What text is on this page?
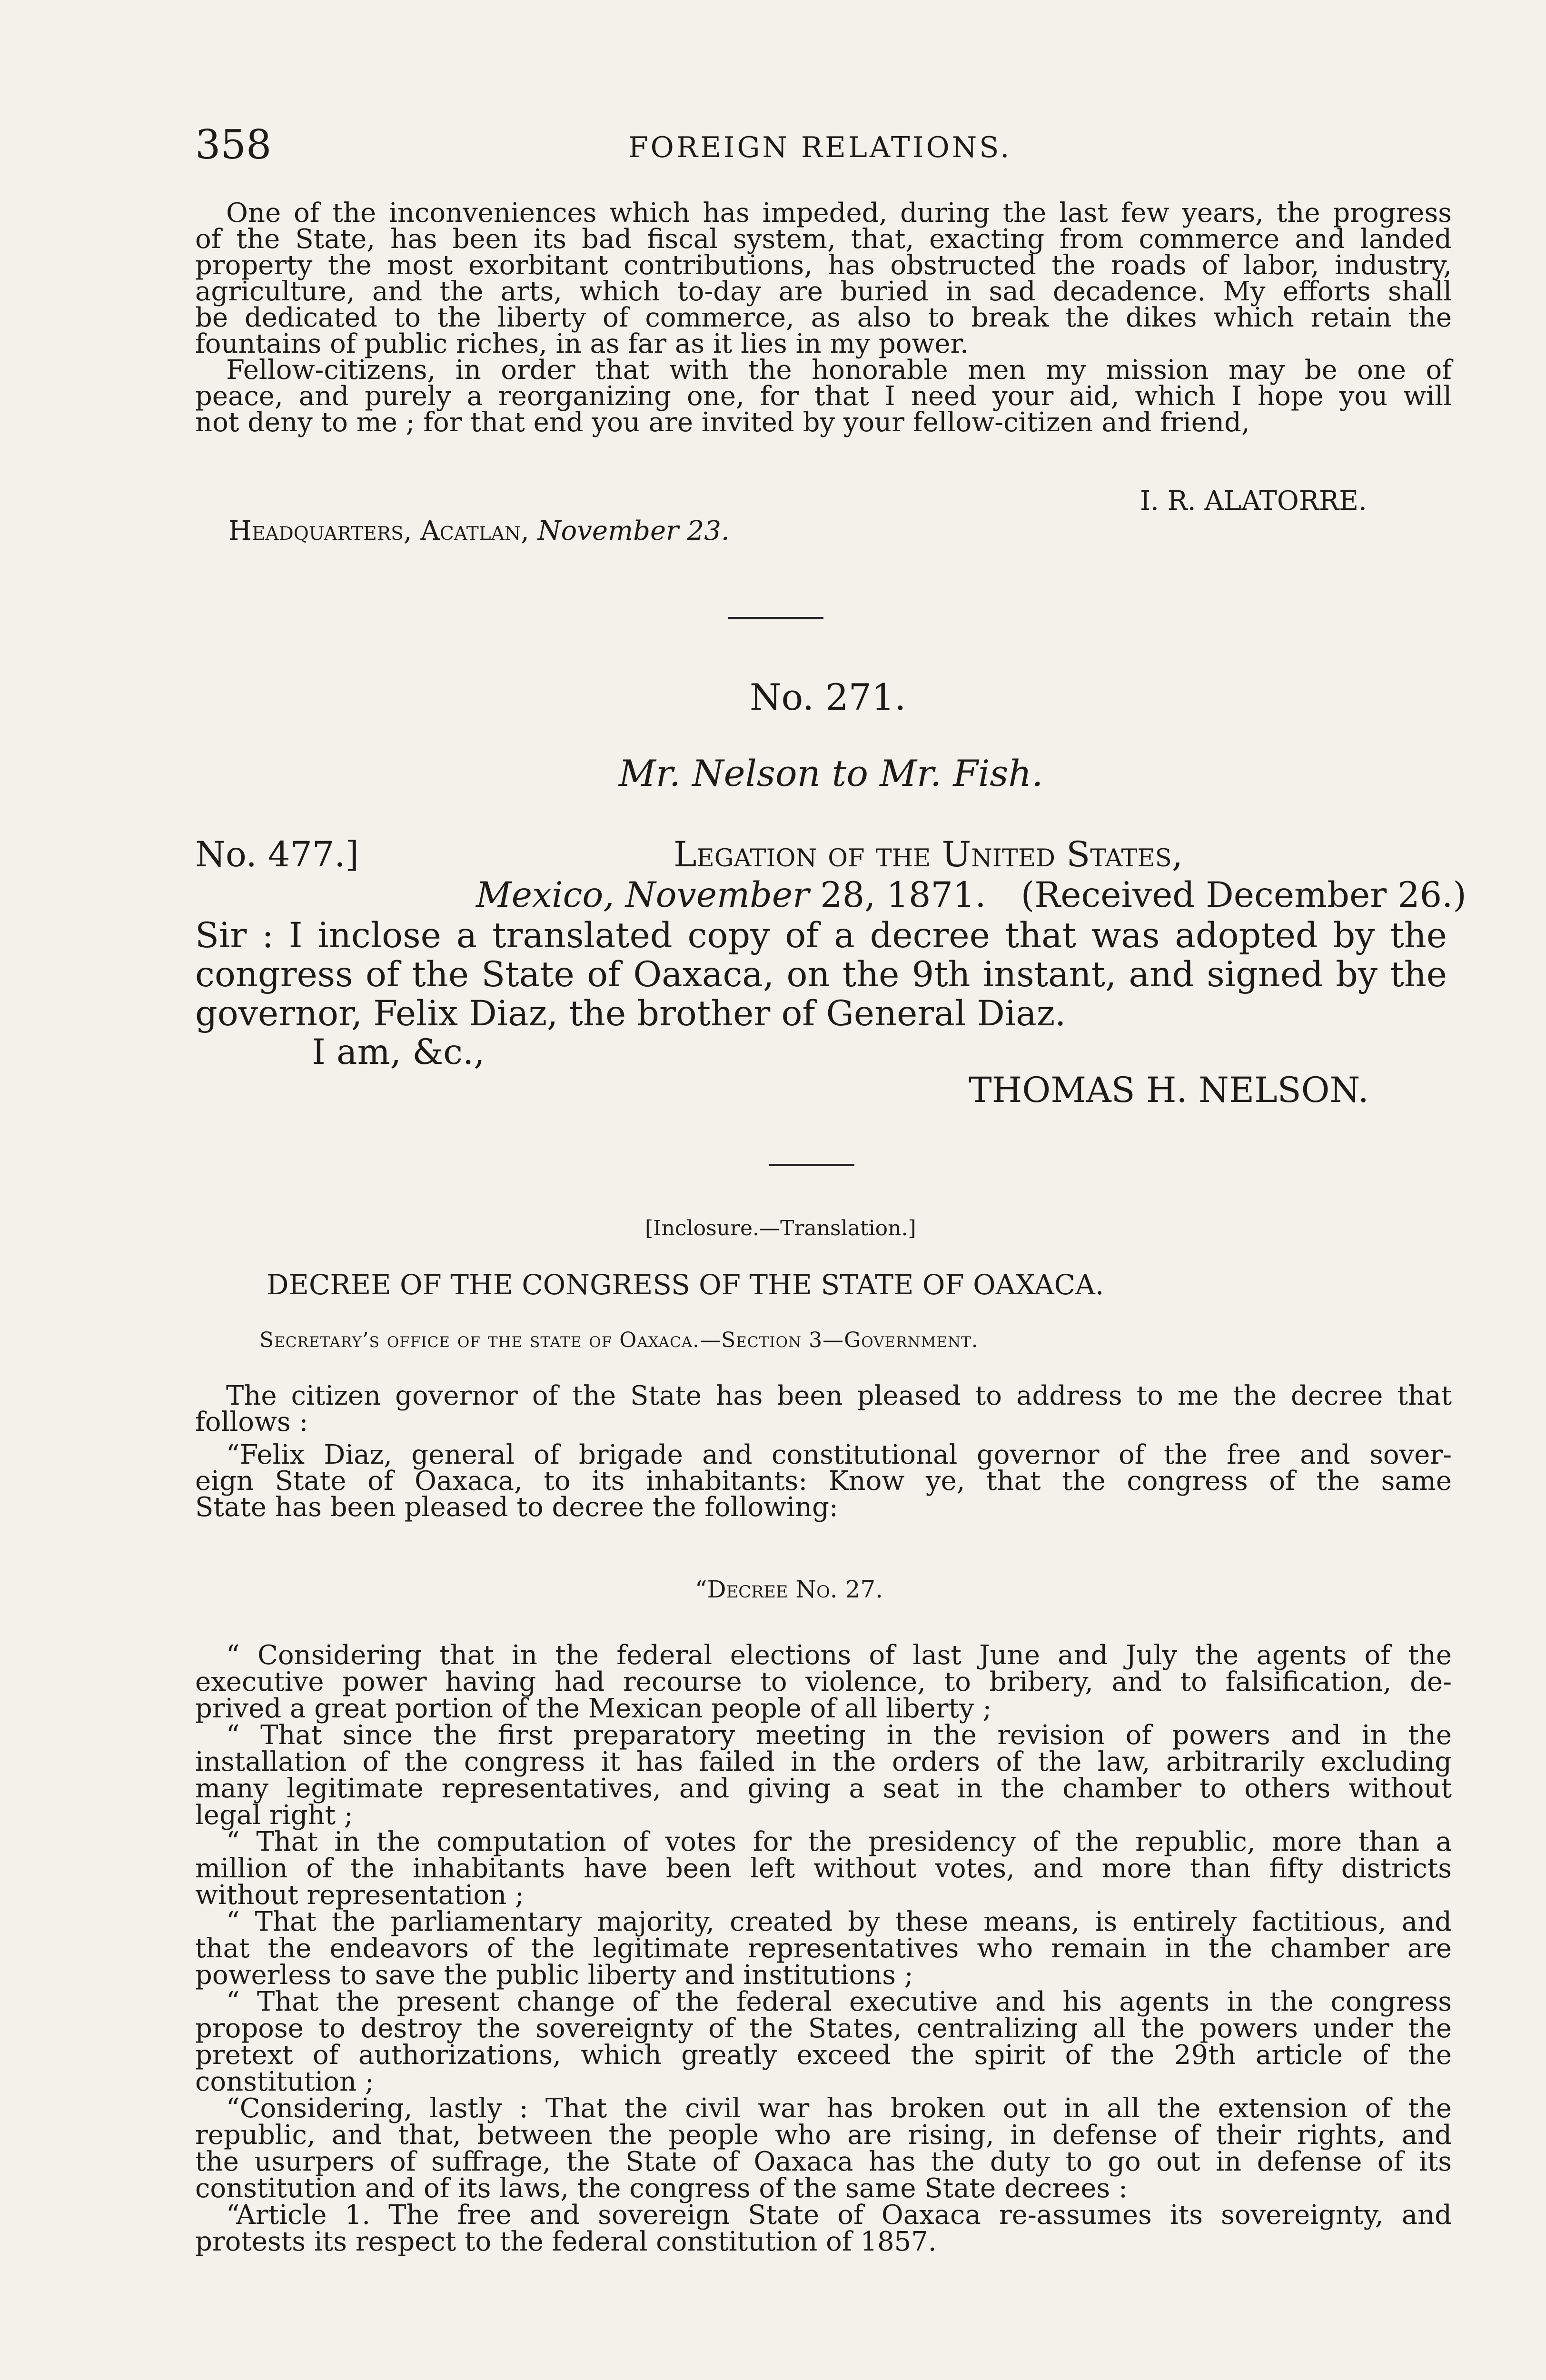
358	FOREIGN RELATIONS.
One of the inconveniences which has impeded, during the last few years, the progress
of the State, has been its bad fiscal system, that, exacting from commerce and landed
property the most exorbitant contributions, has obstructed the roads of labor, industry,
agriculture, and the arts, which to-day are buried in sad decadence. My efforts shall
be dedicated to the liberty of commerce, as also to break the dikes which retain the
fountains of public riches, in as far as it lies in my power.
Fellow-citizens, in order that with the honorable men my mission may be one of
peace, and purely a reorganizing one, for that I need your aid, which I hope you will
not deny to me ; for that end you are invited by your fellow-citizen and friend,
I. R. ALATORRE.
Headquarters, Acatlan, November 23.
No. 271.
Mr. Nelson to Mr. Fish.
No. 477.]	Legation of the United States,
Mexico, November 28, 1871. (Received December 26.)
Sir : I inclose a translated copy of a decree that was adopted by the
congress of the State of Oaxaca, on the 9th instant, and signed by the
governor, Felix Diaz, the brother of General Diaz.
I am, &c.,
THOMAS H. NELSON.
[Inclosure.—Translation.]
DECREE OF THE CONGRESS OF THE STATE OF OAXACA.
Secretary’s office of the state of Oaxaca.—Section 3—Government.
The citizen governor of the State has been pleased to address to me the decree that
follows :
“Felix Diaz, general of brigade and constitutional governor of the free and sover-
eign State of Oaxaca, to its inhabitants: Know ye, that the congress of the same
State has been pleased to decree the following:
“Decree No. 27.
“ Considering that in the federal elections of last June and July the agents of the
executive power having had recourse to violence, to bribery, and to falsification, de-
prived a great portion of the Mexican people of all liberty ;
“ That since the first preparatory meeting in the revision of powers and in the
installation of the congress it has failed in the orders of the law, arbitrarily excluding
many legitimate representatives, and giving a seat in the chamber to others without
legal right ;
“ That in the computation of votes for the presidency of the republic, more than a
million of the inhabitants have been left without votes, and more than fifty districts
without representation ;
“ That the parliamentary majority, created by these means, is entirely factitious, and
that the endeavors of the legitimate representatives who remain in the chamber are
powerless to save the public liberty and institutions ;
“ That the present change of the federal executive and his agents in the congress
propose to destroy the sovereignty of the States, centralizing all the powers under the
pretext of authorizations, which greatly exceed the spirit of the 29th article of the
constitution ;
“Considering, lastly : That the civil war has broken out in all the extension of the
republic, and that, between the people who are rising, in defense of their rights, and
the usurpers of suffrage, the State of Oaxaca has the duty to go out in defense of its
constitution and of its laws, the congress of the same State decrees :
“Article 1. The free and sovereign State of Oaxaca re-assumes its sovereignty, and
protests its respect to the federal constitution of 1857.
